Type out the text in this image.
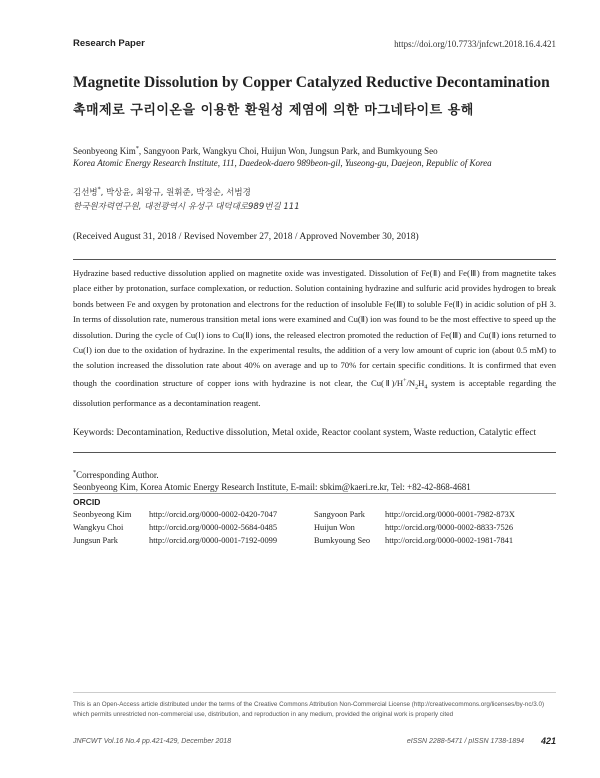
Research Paper	https://doi.org/10.7733/jnfcwt.2018.16.4.421
Magnetite Dissolution by Copper Catalyzed Reductive Decontamination
촉매제로 구리이온을 이용한 환원성 제염에 의한 마그네타이트 용해
Seonbyeong Kim*, Sangyoon Park, Wangkyu Choi, Huijun Won, Jungsun Park, and Bumkyoung Seo
Korea Atomic Energy Research Institute, 111, Daedeok-daero 989beon-gil, Yuseong-gu, Daejeon, Republic of Korea
김선병*, 박상윤, 최왕규, 원휘준, 박정순, 서범경
한국원자력연구원, 대전광역시 유성구 대덕대로989번길 111
(Received August 31, 2018 / Revised November 27, 2018 / Approved November 30, 2018)
Hydrazine based reductive dissolution applied on magnetite oxide was investigated. Dissolution of Fe(Ⅱ) and Fe(Ⅲ) from magnetite takes place either by protonation, surface complexation, or reduction. Solution containing hydrazine and sulfuric acid provides hydrogen to break bonds between Fe and oxygen by protonation and electrons for the reduction of insoluble Fe(Ⅲ) to soluble Fe(Ⅱ) in acidic solution of pH 3. In terms of dissolution rate, numerous transition metal ions were examined and Cu(Ⅱ) ion was found to be the most effective to speed up the dissolution. During the cycle of Cu(Ⅰ) ions to Cu(Ⅱ) ions, the released electron promoted the reduction of Fe(Ⅲ) and Cu(Ⅱ) ions returned to Cu(Ⅰ) ion due to the oxidation of hydrazine. In the experimental results, the addition of a very low amount of cupric ion (about 0.5 mM) to the solution increased the dissolution rate about 40% on average and up to 70% for certain specific conditions. It is confirmed that even though the coordination structure of copper ions with hydrazine is not clear, the $Cu(Ⅱ)/H^+/N_2H_4$ system is acceptable regarding the dissolution performance as a decontamination reagent.
Keywords: Decontamination, Reductive dissolution, Metal oxide, Reactor coolant system, Waste reduction, Catalytic effect
*Corresponding Author.
Seonbyeong Kim, Korea Atomic Energy Research Institute, E-mail: sbkim@kaeri.re.kr, Tel: +82-42-868-4681
ORCID
Seonbyeong Kim http://orcid.org/0000-0002-0420-7047	Sangyoon Park http://orcid.org/0000-0001-7982-873X
Wangkyu Choi	http://orcid.org/0000-0002-5684-0485	Huijun Won	http://orcid.org/0000-0002-8833-7526
Jungsun Park	http://orcid.org/0000-0001-7192-0099	Bumkyoung Seo http://orcid.org/0000-0002-1981-7841
This is an Open-Access article distributed under the terms of the Creative Commons Attribution Non-Commercial License (http://creativecommons.org/licenses/by-nc/3.0) which permits unrestricted non-commercial use, distribution, and reproduction in any medium, provided the original work is properly cited
JNFCWT Vol.16 No.4 pp.421-429, December 2018	eISSN 2288-5471 / pISSN 1738-1894 421
